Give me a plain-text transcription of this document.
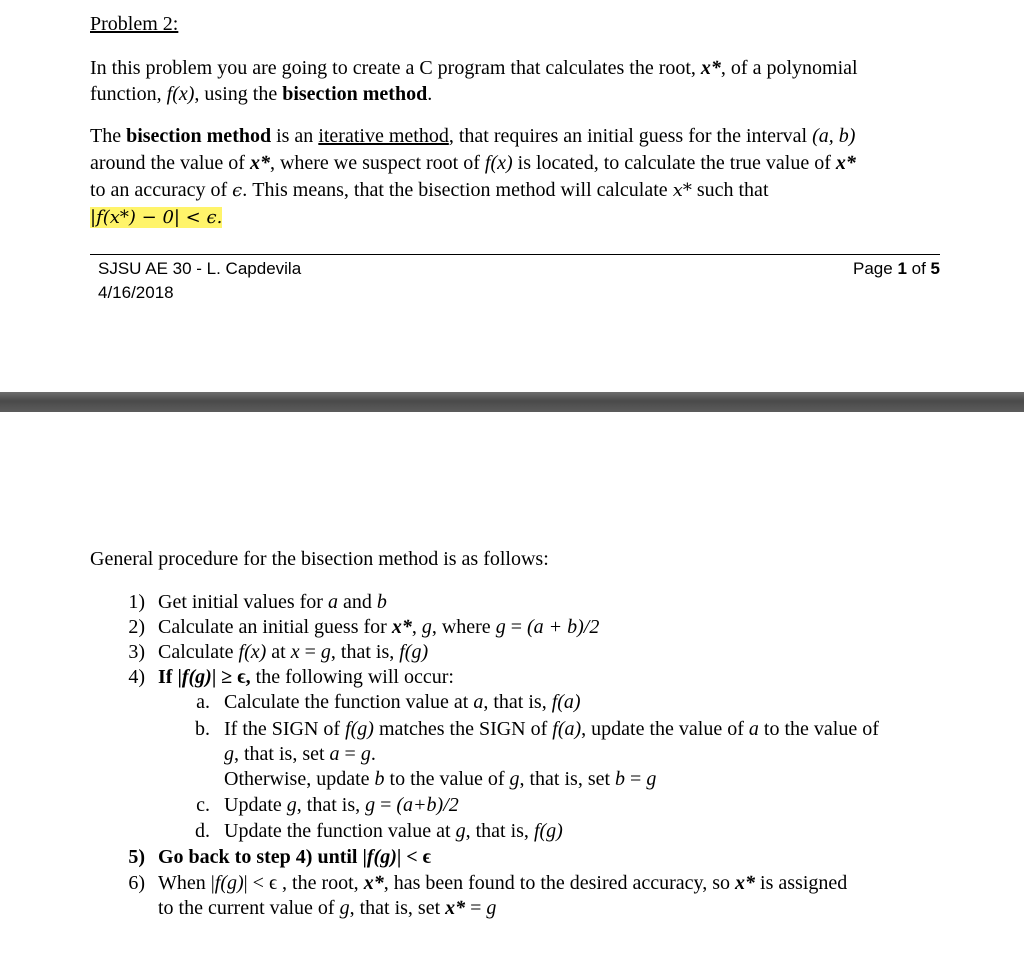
Problem 2:
In this problem you are going to create a C program that calculates the root, x*, of a polynomial
function, f(x), using the bisection method.
The bisection method is an iterative method, that requires an initial guess for the interval (a, b)
around the value of x*, where we suspect root of f(x) is located, to calculate the true value of x*
to an accuracy of ϵ. This means, that the bisection method will calculate x* such that
|f(x*) − 0| < ϵ.
SJSU AE 30 - L. Capdevila
4/16/2018
Page 1 of 5
General procedure for the bisection method is as follows:
1) Get initial values for a and b
2) Calculate an initial guess for x*, g, where g = (a + b)/2
3) Calculate f(x) at x = g, that is, f(g)
4) If |f(g)| ≥ ϵ, the following will occur:
a. Calculate the function value at a, that is, f(a)
b. If the SIGN of f(g) matches the SIGN of f(a), update the value of a to the value of
g, that is, set a = g.
Otherwise, update b to the value of g, that is, set b = g
c. Update g, that is, g = (a+b)/2
d. Update the function value at g, that is, f(g)
5) Go back to step 4) until |f(g)| < ϵ
6) When |f(g)| < ϵ , the root, x*, has been found to the desired accuracy, so x* is assigned
to the current value of g, that is, set x* = g
